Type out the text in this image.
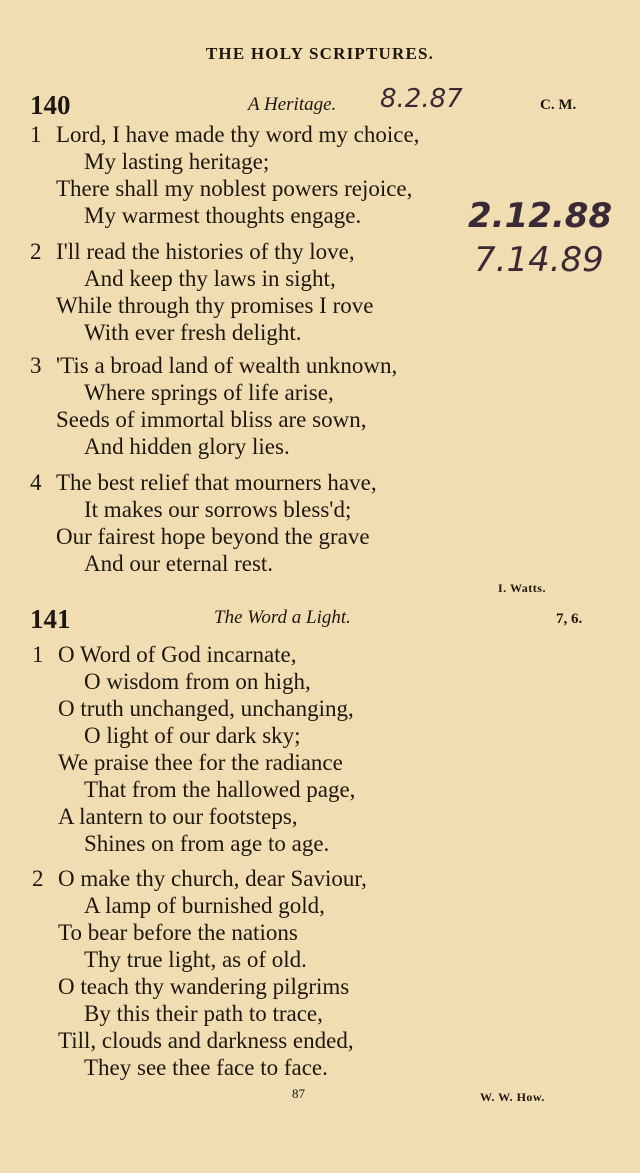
THE HOLY SCRIPTURES.
140	A Heritage.	C. M.
8.2.87
2.12.88
7.14.89
1 Lord, I have made thy word my choice,
My lasting heritage;
There shall my noblest powers rejoice,
My warmest thoughts engage.
2 I'll read the histories of thy love,
And keep thy laws in sight,
While through thy promises I rove
With ever fresh delight.
3 'Tis a broad land of wealth unknown,
Where springs of life arise,
Seeds of immortal bliss are sown,
And hidden glory lies.
4 The best relief that mourners have,
It makes our sorrows bless'd;
Our fairest hope beyond the grave
And our eternal rest.
I. Watts.
141	The Word a Light.	7, 6.
1 O Word of God incarnate,
O wisdom from on high,
O truth unchanged, unchanging,
O light of our dark sky;
We praise thee for the radiance
That from the hallowed page,
A lantern to our footsteps,
Shines on from age to age.
2 O make thy church, dear Saviour,
A lamp of burnished gold,
To bear before the nations
Thy true light, as of old.
O teach thy wandering pilgrims
By this their path to trace,
Till, clouds and darkness ended,
They see thee face to face.
87	W. W. How.
